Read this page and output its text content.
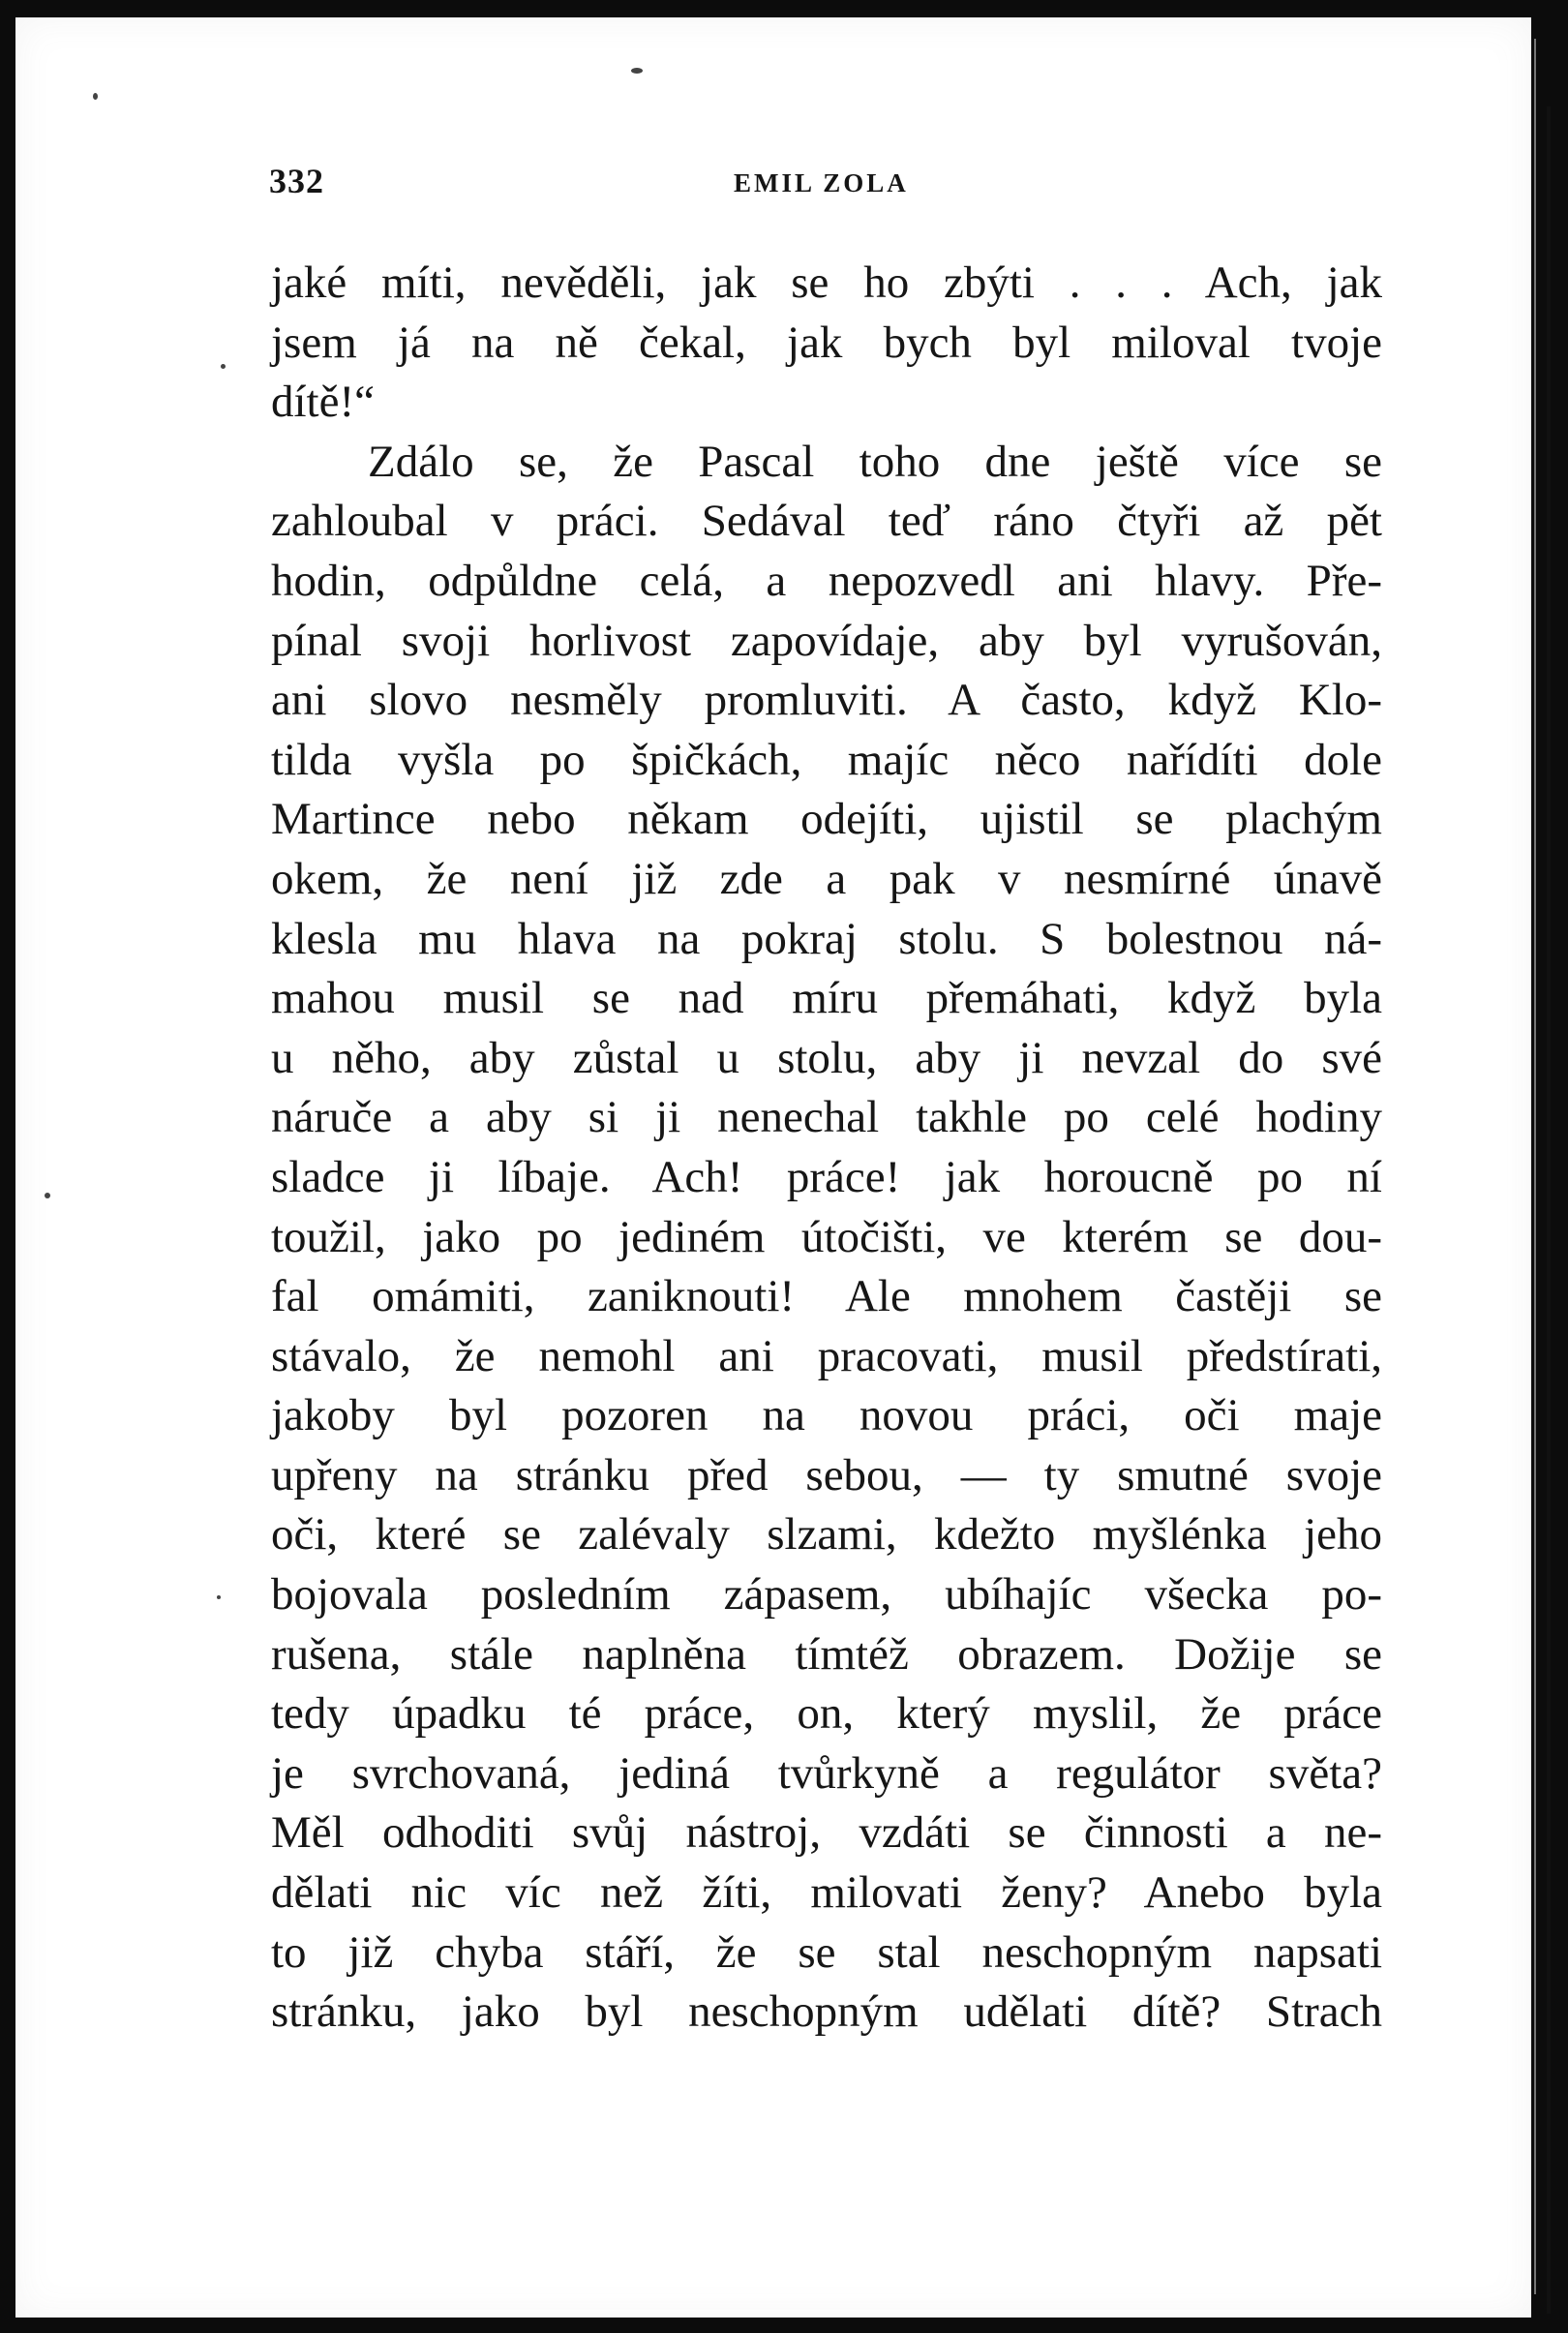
332	EMIL ZOLA
jaké míti, nevěděli, jak se ho zbýti . . . Ach, jak
jsem já na ně čekal, jak bych byl miloval tvoje
dítě!“
Zdálo se, že Pascal toho dne ještě více se
zahloubal v práci. Sedával teď ráno čtyři až pět
hodin, odpůldne celá, a nepozvedl ani hlavy. Pře-
pínal svoji horlivost zapovídaje, aby byl vyrušován,
ani slovo nesměly promluviti. A často, když Klo-
tilda vyšla po špičkách, majíc něco nařídíti dole
Martince nebo někam odejíti, ujistil se plachým
okem, že není již zde a pak v nesmírné únavě
klesla mu hlava na pokraj stolu. S bolestnou ná-
mahou musil se nad míru přemáhati, když byla
u něho, aby zůstal u stolu, aby ji nevzal do své
náruče a aby si ji nenechal takhle po celé hodiny
sladce ji líbaje. Ach! práce! jak horoucně po ní
toužil, jako po jediném útočišti, ve kterém se dou-
fal omámiti, zaniknouti! Ale mnohem častěji se
stávalo, že nemohl ani pracovati, musil předstírati,
jakoby byl pozoren na novou práci, oči maje
upřeny na stránku před sebou, — ty smutné svoje
oči, které se zalévaly slzami, kdežto myšlénka jeho
bojovala posledním zápasem, ubíhajíc všecka po-
rušena, stále naplněna tímtéž obrazem. Dožije se
tedy úpadku té práce, on, který myslil, že práce
je svrchovaná, jediná tvůrkyně a regulátor světa?
Měl odhoditi svůj nástroj, vzdáti se činnosti a ne-
dělati nic víc než žíti, milovati ženy? Anebo byla
to již chyba stáří, že se stal neschopným napsati
stránku, jako byl neschopným udělati dítě? Strach
